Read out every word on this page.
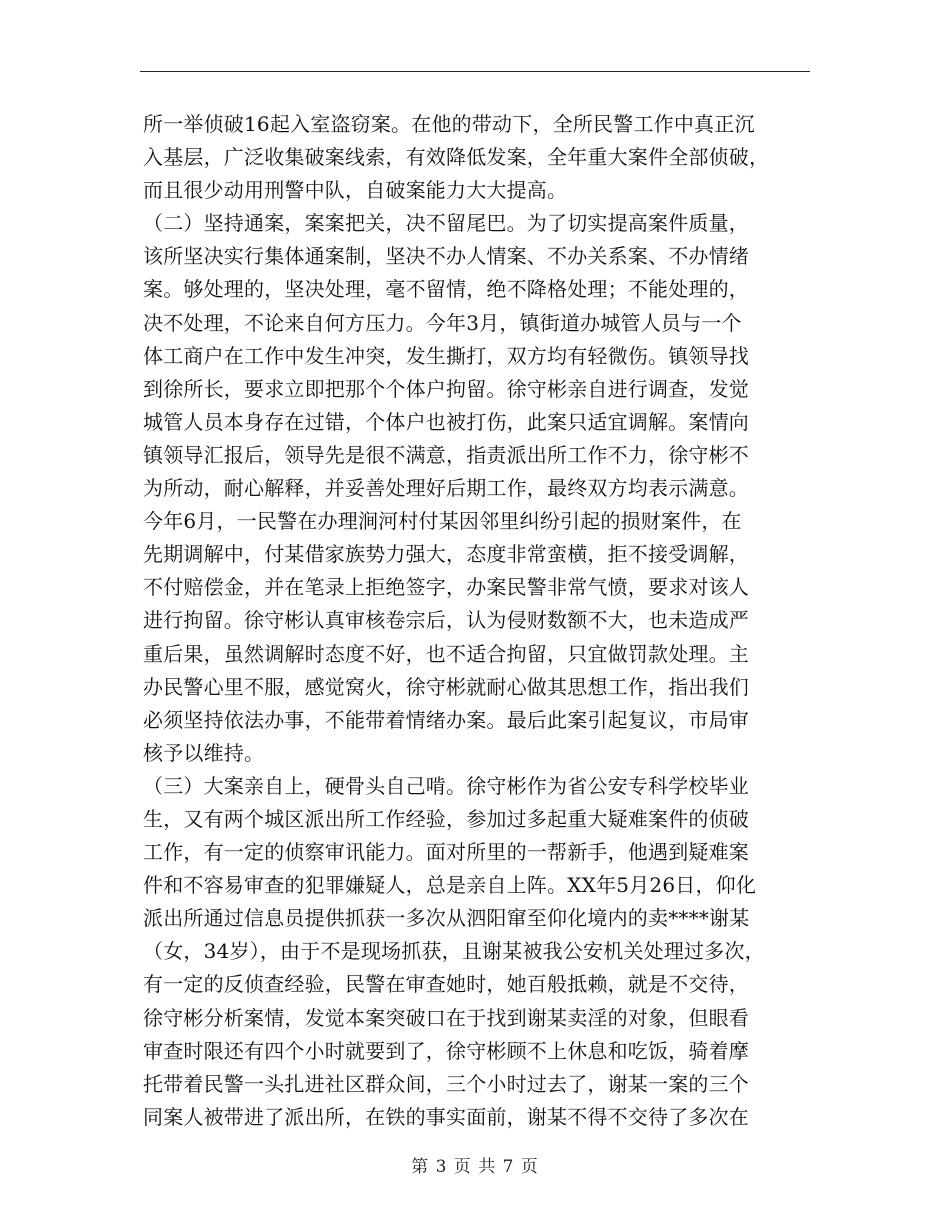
所一举侦破16起入室盗窃案。在他的带动下，全所民警工作中真正沉
入基层，广泛收集破案线索，有效降低发案，全年重大案件全部侦破，
而且很少动用刑警中队，自破案能力大大提高。
（二）坚持通案，案案把关，决不留尾巴。为了切实提高案件质量，
该所坚决实行集体通案制，坚决不办人情案、不办关系案、不办情绪
案。够处理的，坚决处理，毫不留情，绝不降格处理；不能处理的，
决不处理，不论来自何方压力。今年3月，镇街道办城管人员与一个
体工商户在工作中发生冲突，发生撕打，双方均有轻微伤。镇领导找
到徐所长，要求立即把那个个体户拘留。徐守彬亲自进行调查，发觉
城管人员本身存在过错，个体户也被打伤，此案只适宜调解。案情向
镇领导汇报后，领导先是很不满意，指责派出所工作不力，徐守彬不
为所动，耐心解释，并妥善处理好后期工作，最终双方均表示满意。
今年6月，一民警在办理涧河村付某因邻里纠纷引起的损财案件，在
先期调解中，付某借家族势力强大，态度非常蛮横，拒不接受调解，
不付赔偿金，并在笔录上拒绝签字，办案民警非常气愤，要求对该人
进行拘留。徐守彬认真审核卷宗后，认为侵财数额不大，也未造成严
重后果，虽然调解时态度不好，也不适合拘留，只宜做罚款处理。主
办民警心里不服，感觉窝火，徐守彬就耐心做其思想工作，指出我们
必须坚持依法办事，不能带着情绪办案。最后此案引起复议，市局审
核予以维持。
（三）大案亲自上，硬骨头自己啃。徐守彬作为省公安专科学校毕业
生，又有两个城区派出所工作经验，参加过多起重大疑难案件的侦破
工作，有一定的侦察审讯能力。面对所里的一帮新手，他遇到疑难案
件和不容易审查的犯罪嫌疑人，总是亲自上阵。XX年5月26日，仰化
派出所通过信息员提供抓获一多次从泗阳窜至仰化境内的卖****谢某
（女，34岁），由于不是现场抓获，且谢某被我公安机关处理过多次，
有一定的反侦查经验，民警在审查她时，她百般抵赖，就是不交待，
徐守彬分析案情，发觉本案突破口在于找到谢某卖淫的对象，但眼看
审查时限还有四个小时就要到了，徐守彬顾不上休息和吃饭，骑着摩
托带着民警一头扎进社区群众间，三个小时过去了，谢某一案的三个
同案人被带进了派出所，在铁的事实面前，谢某不得不交待了多次在
第 3 页 共 7 页
